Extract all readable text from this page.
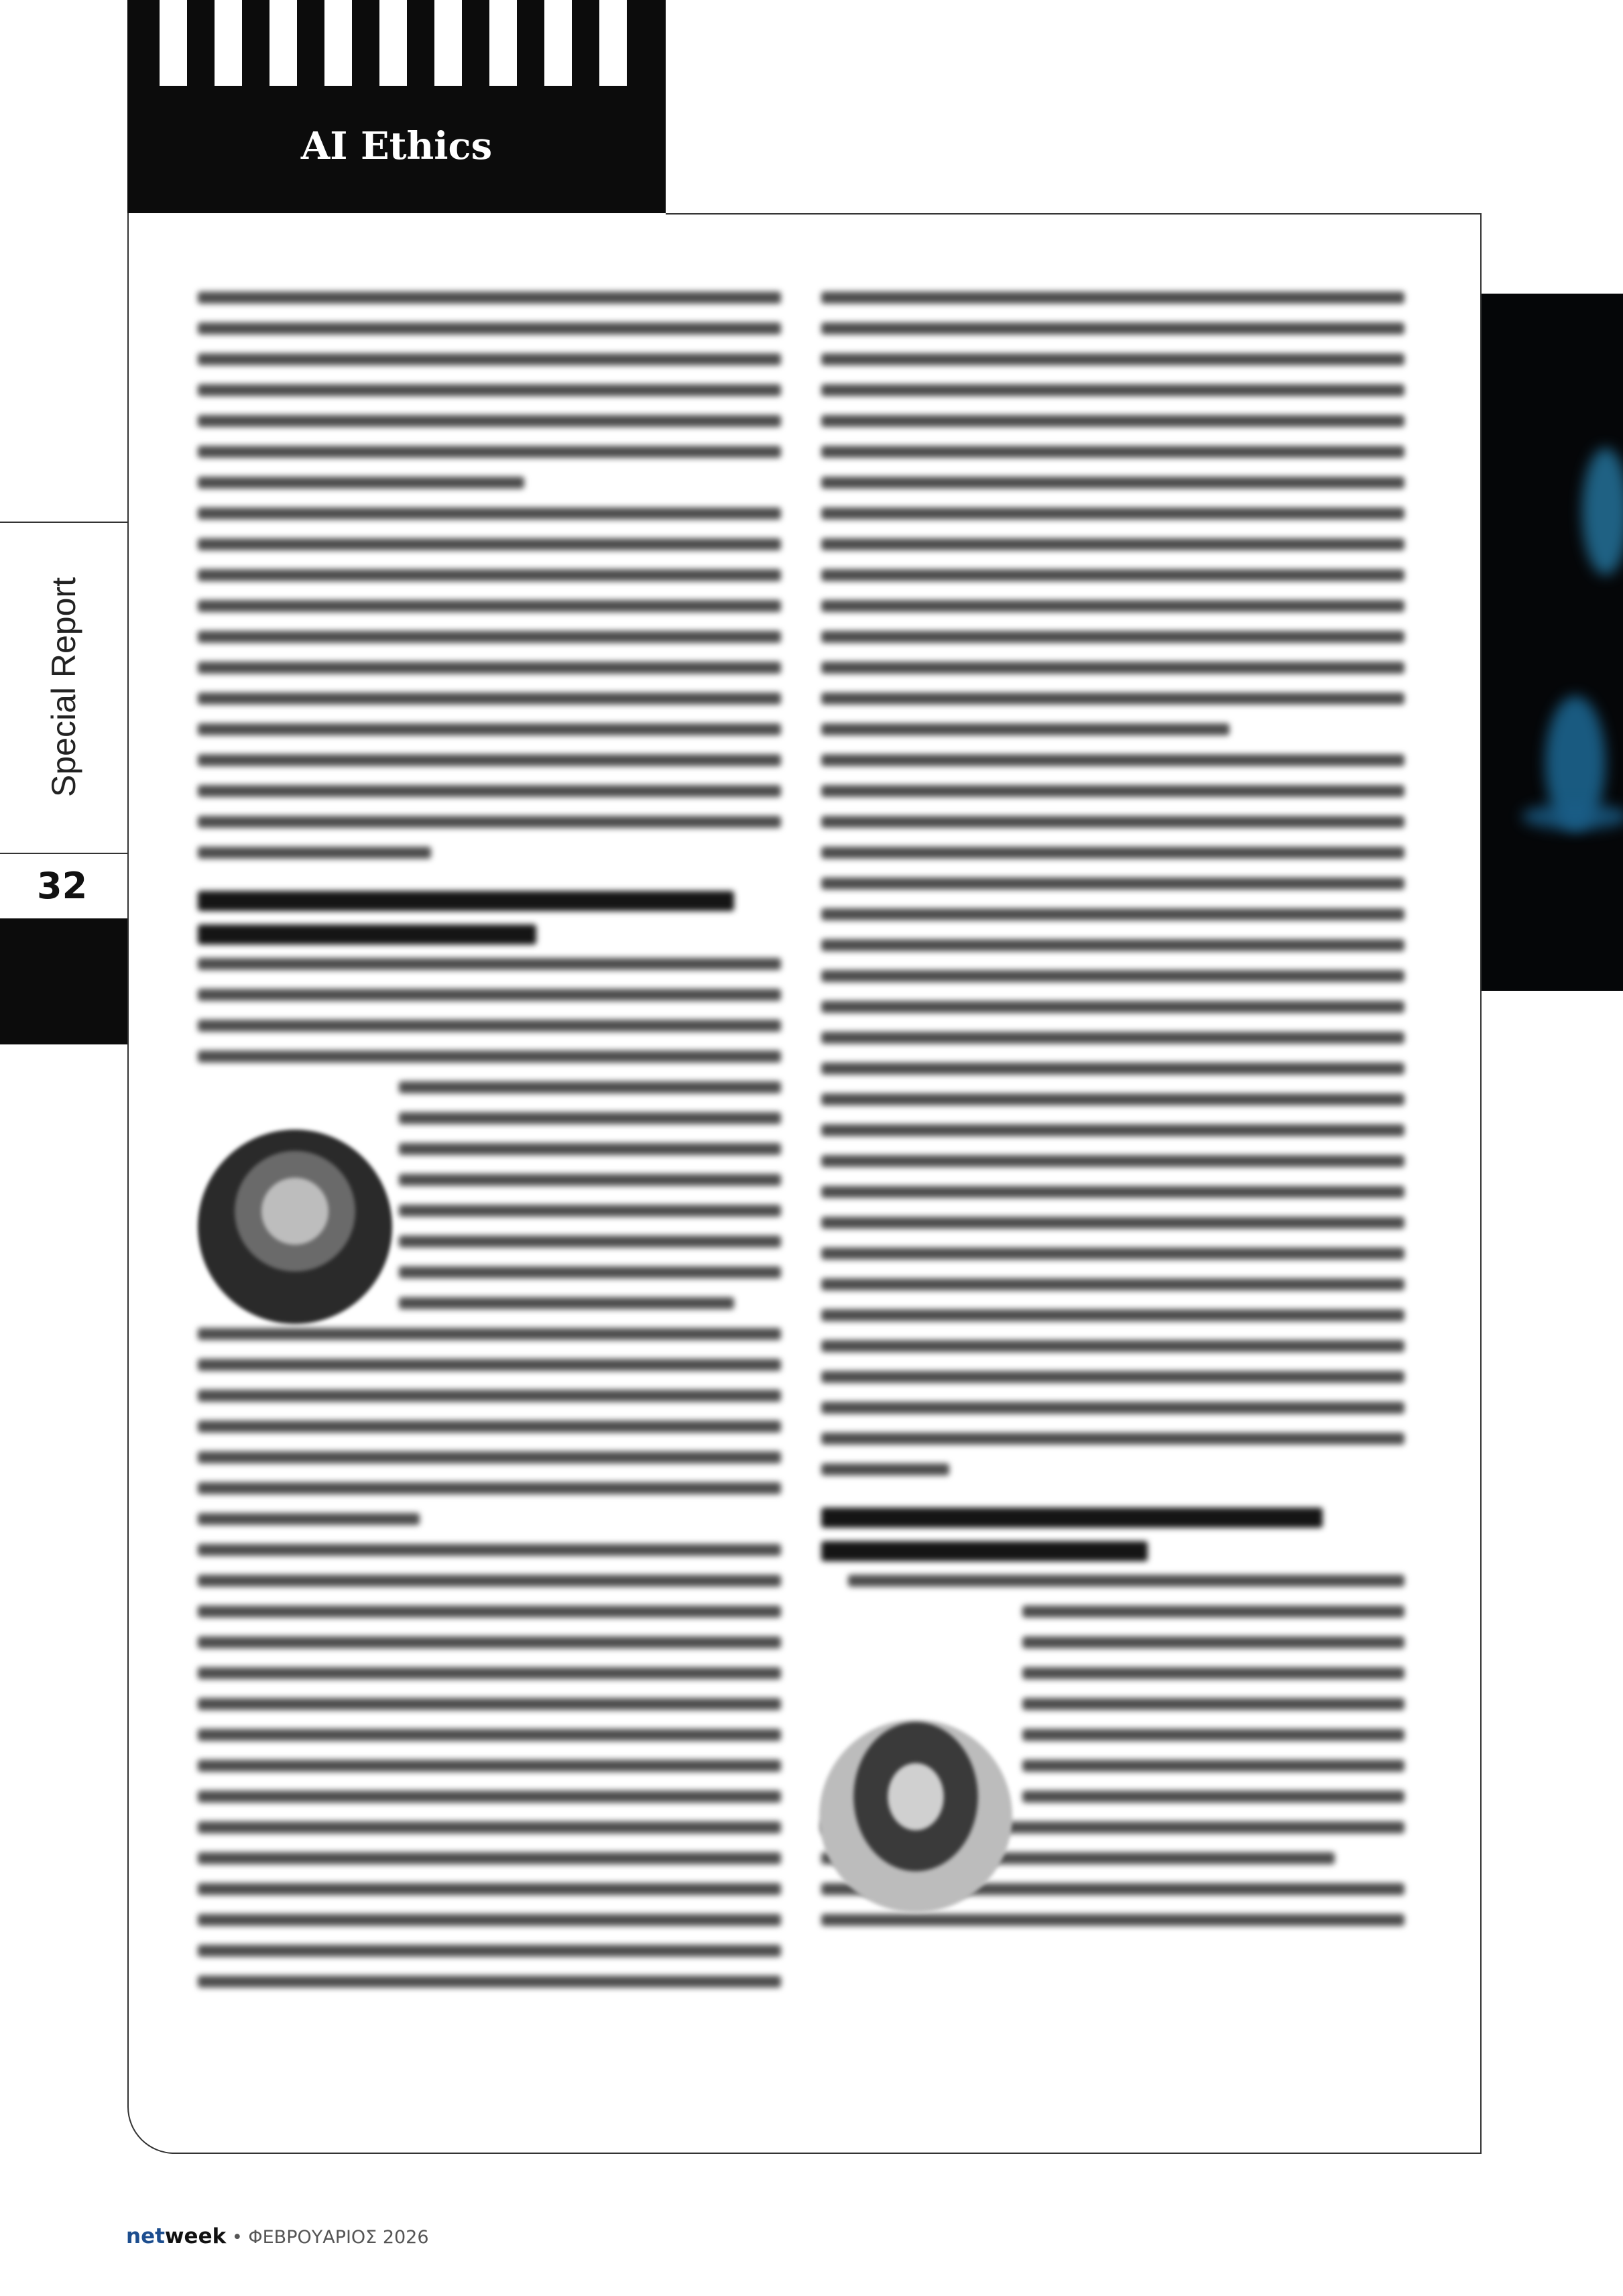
AI Ethics
Special Report
32
netweek • ΦΕΒΡΟΥΑΡΙΟΣ 2026
